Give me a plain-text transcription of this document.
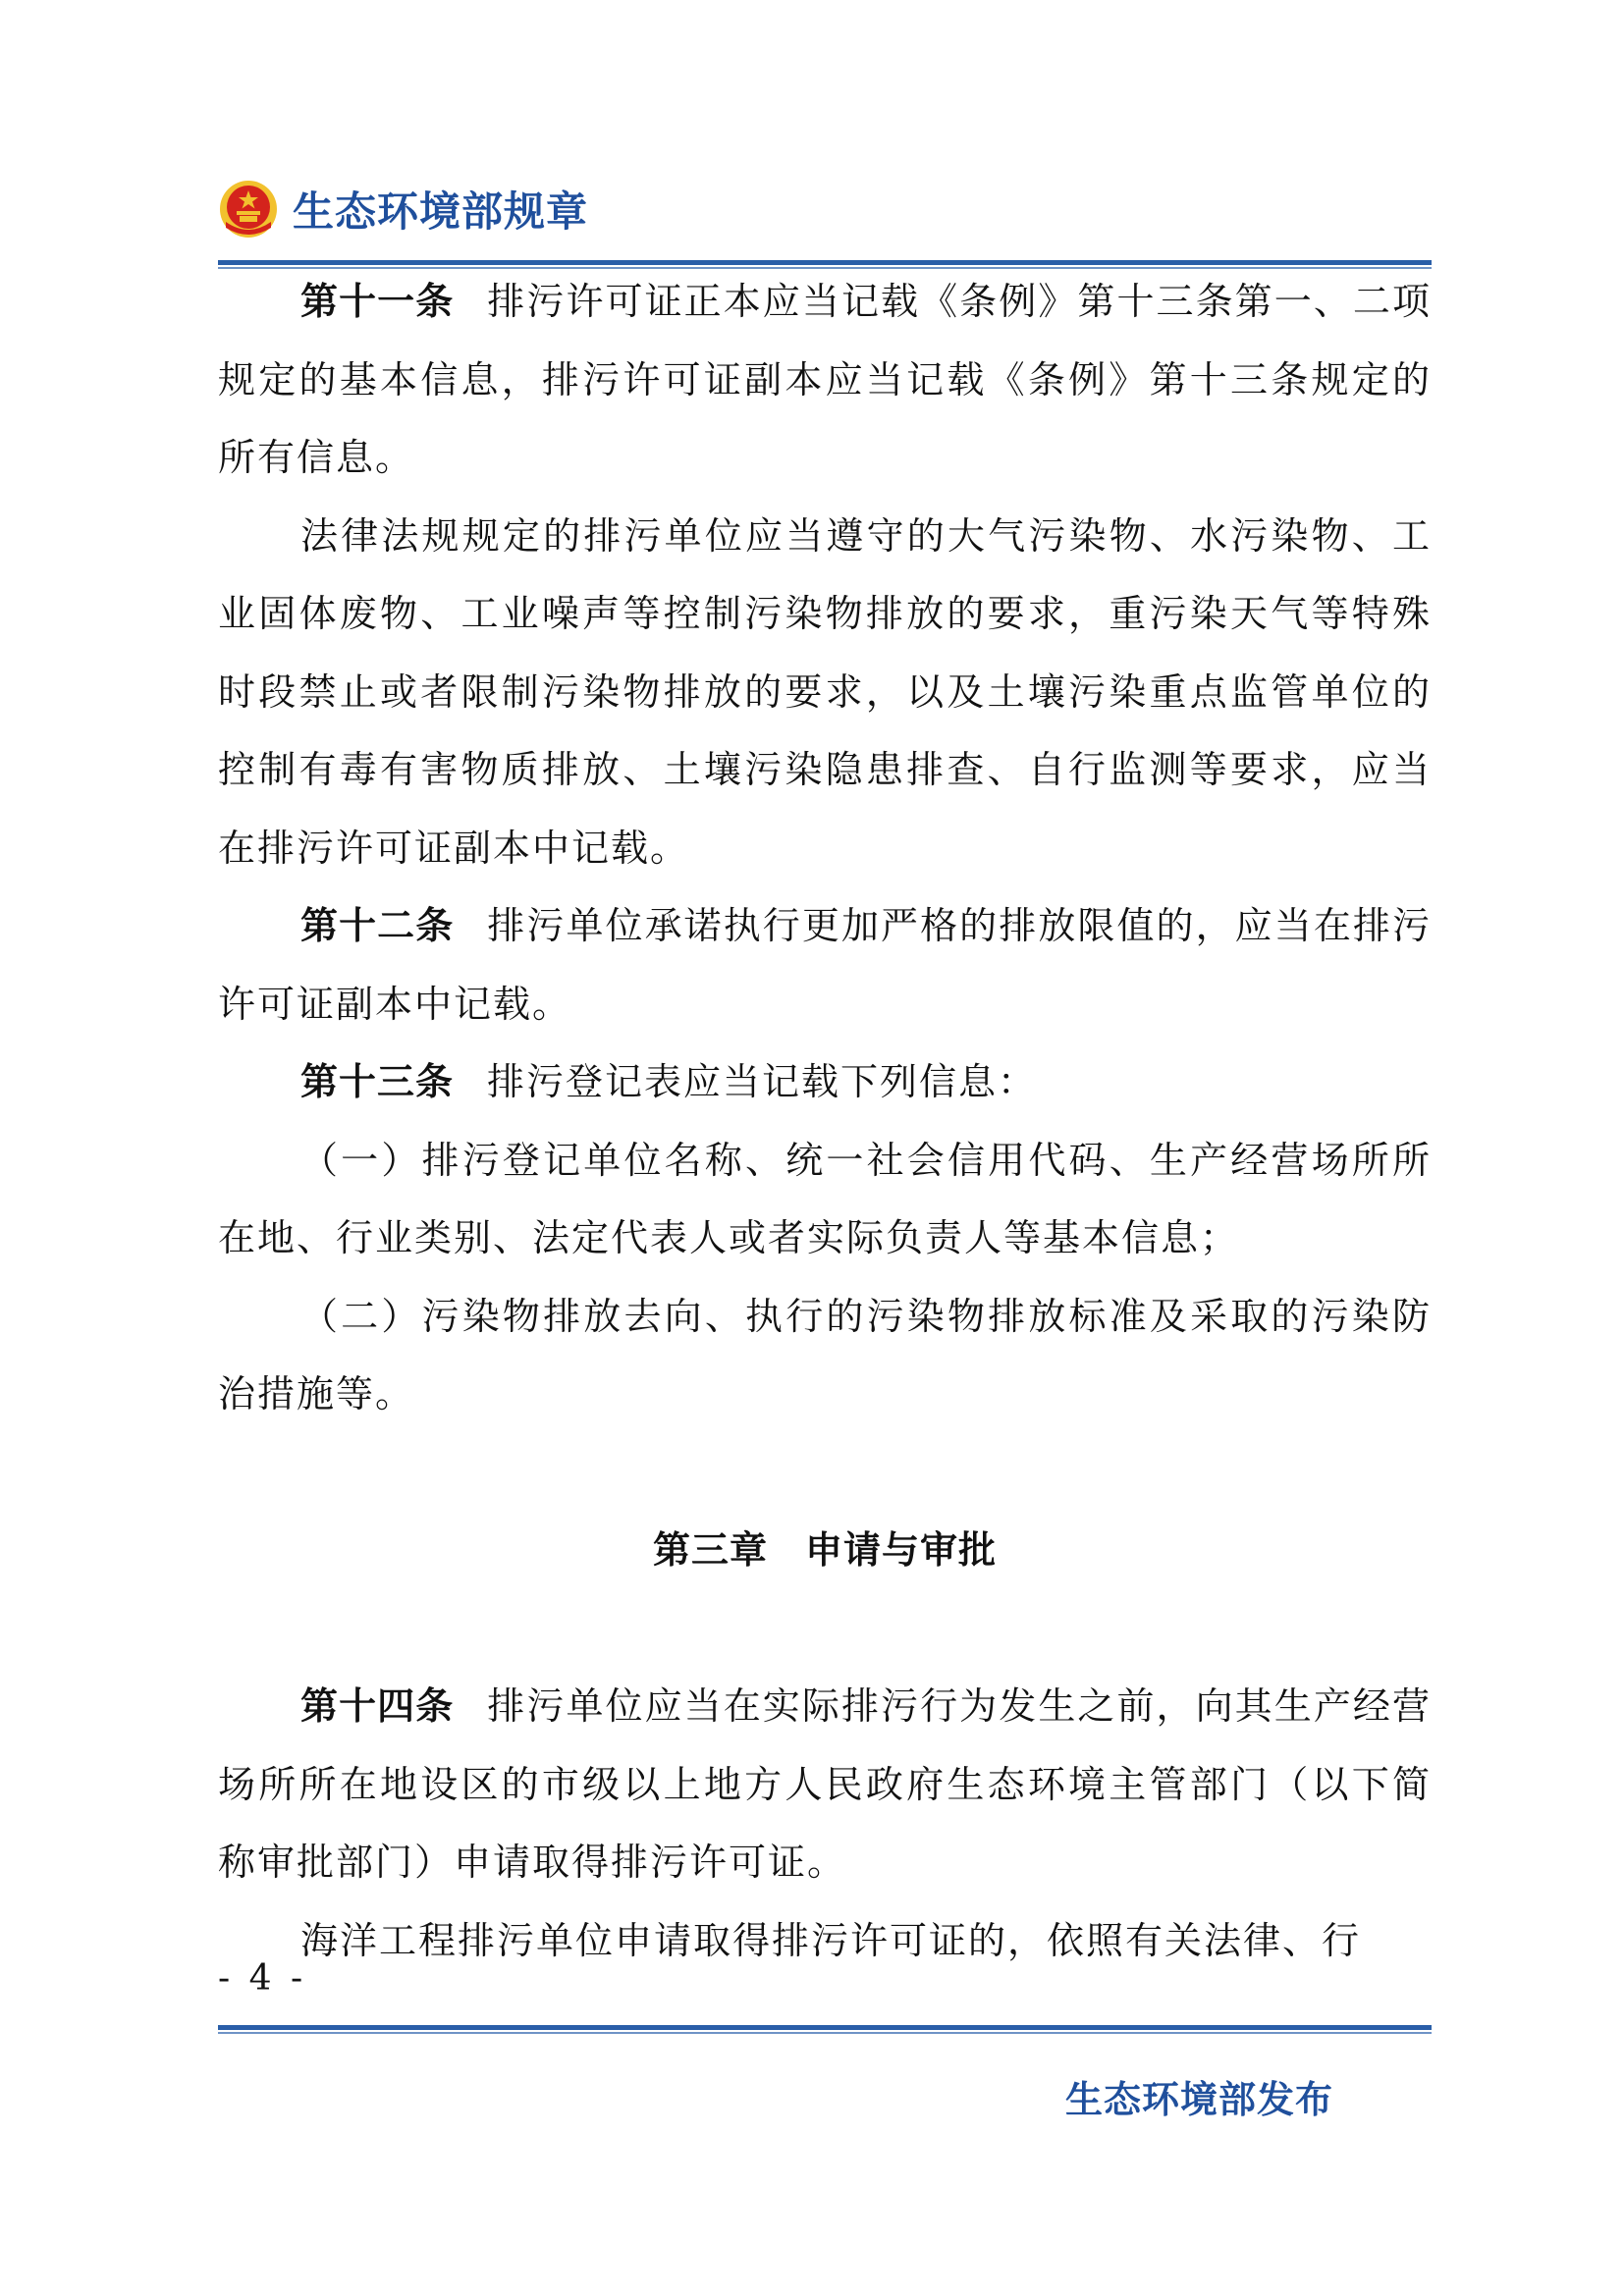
生态环境部规章

第十一条 排污许可证正本应当记载《条例》第十三条第一、二项规定的基本信息，排污许可证副本应当记载《条例》第十三条规定的所有信息。

法律法规规定的排污单位应当遵守的大气污染物、水污染物、工业固体废物、工业噪声等控制污染物排放的要求，重污染天气等特殊时段禁止或者限制污染物排放的要求，以及土壤污染重点监管单位的控制有毒有害物质排放、土壤污染隐患排查、自行监测等要求，应当在排污许可证副本中记载。

第十二条 排污单位承诺执行更加严格的排放限值的，应当在排污许可证副本中记载。

第十三条 排污登记表应当记载下列信息：

（一）排污登记单位名称、统一社会信用代码、生产经营场所所在地、行业类别、法定代表人或者实际负责人等基本信息；

（二）污染物排放去向、执行的污染物排放标准及采取的污染防治措施等。

第三章 申请与审批

第十四条 排污单位应当在实际排污行为发生之前，向其生产经营场所所在地设区的市级以上地方人民政府生态环境主管部门（以下简称审批部门）申请取得排污许可证。

海洋工程排污单位申请取得排污许可证的，依照有关法律、行

- 4 -
生态环境部发布
